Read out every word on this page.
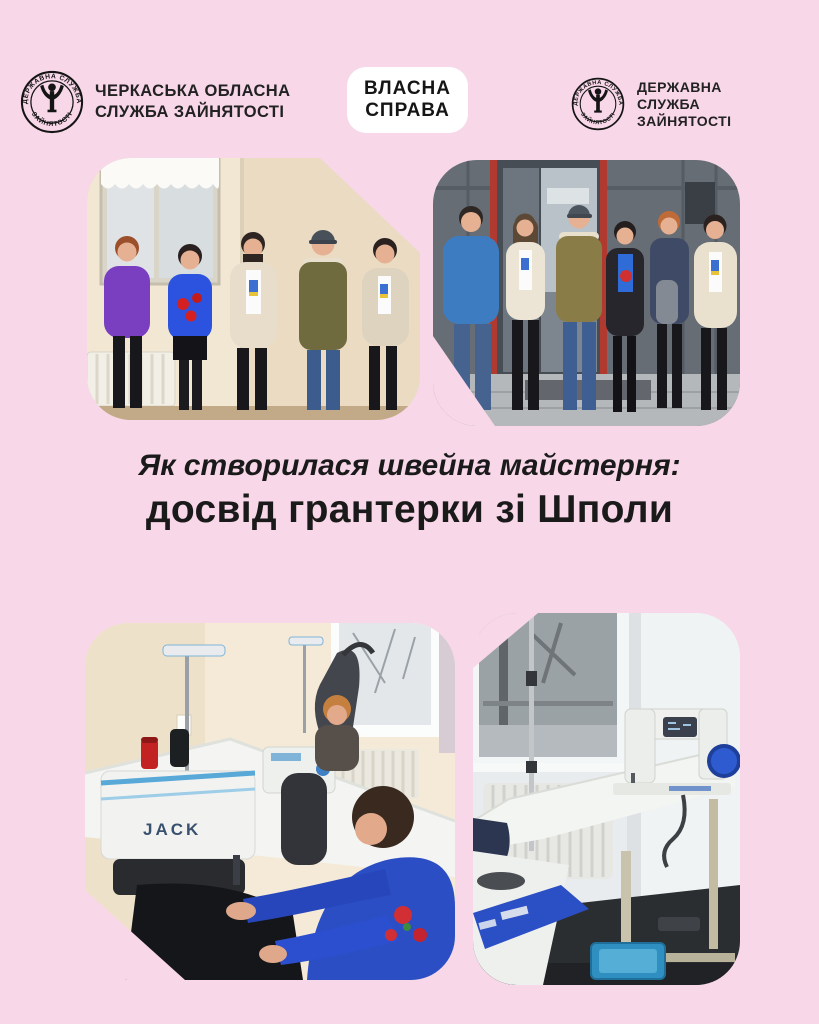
ДЕРЖАВНА СЛУЖБА
ЗАЙНЯТОСТІ
ЧЕРКАСЬКА ОБЛАСНА
СЛУЖБА ЗАЙНЯТОСТІ
ВЛАСНА
СПРАВА	ДЕРЖАВНА СЛУЖБА
ЗАЙНЯТОСТІ
ДЕРЖАВНА
СЛУЖБА
ЗАЙНЯТОСТІ
Як створилася швейна майстерня:
досвід грантерки зі Шполи
JACK
